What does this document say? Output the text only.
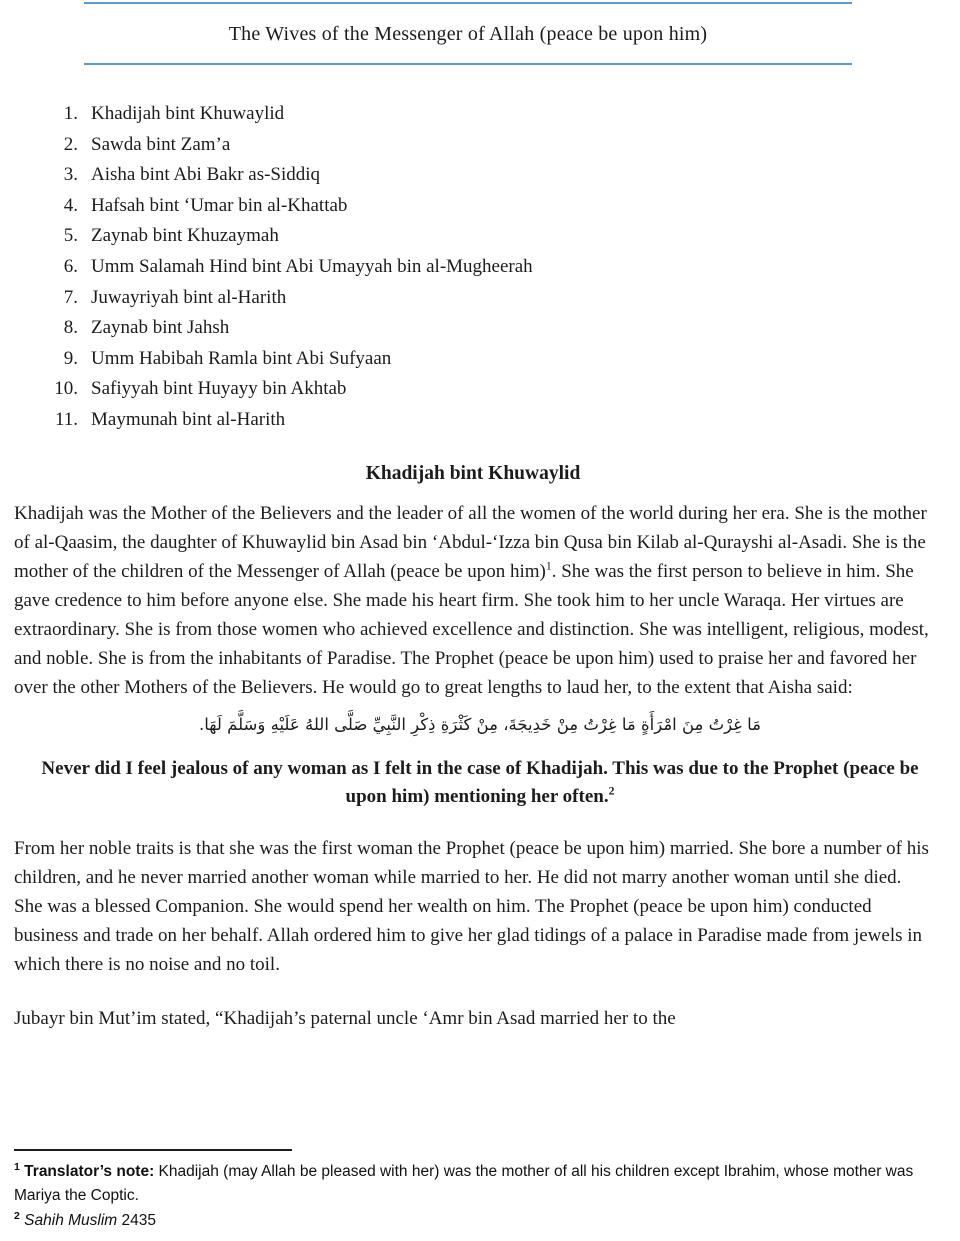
The Wives of the Messenger of Allah (peace be upon him)
1. Khadijah bint Khuwaylid
2. Sawda bint Zam’a
3. Aisha bint Abi Bakr as-Siddiq
4. Hafsah bint ‘Umar bin al-Khattab
5. Zaynab bint Khuzaymah
6. Umm Salamah Hind bint Abi Umayyah bin al-Mugheerah
7. Juwayriyah bint al-Harith
8. Zaynab bint Jahsh
9. Umm Habibah Ramla bint Abi Sufyaan
10. Safiyyah bint Huyayy bin Akhtab
11. Maymunah bint al-Harith
Khadijah bint Khuwaylid
Khadijah was the Mother of the Believers and the leader of all the women of the world during her era. She is the mother of al-Qaasim, the daughter of Khuwaylid bin Asad bin ‘Abdul-‘Izza bin Qusa bin Kilab al-Qurayshi al-Asadi. She is the mother of the children of the Messenger of Allah (peace be upon him)$^1$. She was the first person to believe in him. She gave credence to him before anyone else. She made his heart firm. She took him to her uncle Waraqa. Her virtues are extraordinary. She is from those women who achieved excellence and distinction. She was intelligent, religious, modest, and noble. She is from the inhabitants of Paradise. The Prophet (peace be upon him) used to praise her and favored her over the other Mothers of the Believers. He would go to great lengths to laud her, to the extent that Aisha said:
مَا غِرْتُ مِنَ امْرَأَةٍ مَا غِرْتُ مِنْ خَدِيجَةَ، مِنْ كَثْرَةِ ذِكْرِ النَّبِيِّ صَلَّى اللهُ عَلَيْهِ وَسَلَّمَ لَهَا.
Never did I feel jealous of any woman as I felt in the case of Khadijah. This was due to the Prophet (peace be upon him) mentioning her often.$^2$
From her noble traits is that she was the first woman the Prophet (peace be upon him) married. She bore a number of his children, and he never married another woman while married to her. He did not marry another woman until she died. She was a blessed Companion. She would spend her wealth on him. The Prophet (peace be upon him) conducted business and trade on her behalf. Allah ordered him to give her glad tidings of a palace in Paradise made from jewels in which there is no noise and no toil.
Jubayr bin Mut’im stated, “Khadijah’s paternal uncle ‘Amr bin Asad married her to the
$^1$ Translator’s note: Khadijah (may Allah be pleased with her) was the mother of all his children except Ibrahim, whose mother was Mariya the Coptic.
$^2$ Sahih Muslim 2435
